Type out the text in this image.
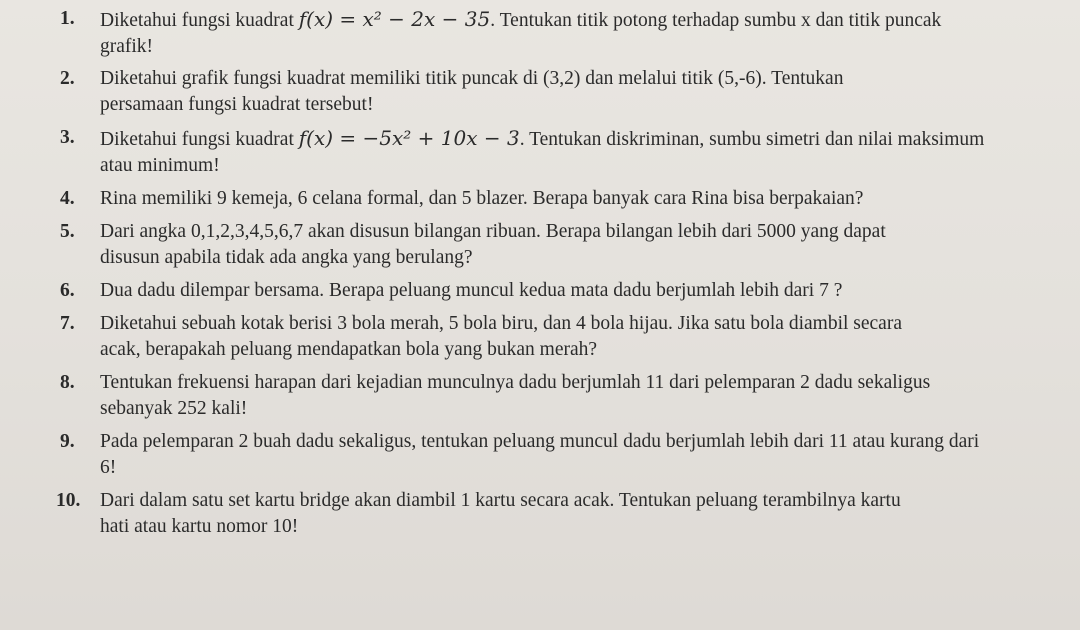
1.	Diketahui fungsi kuadrat f(x) = x² − 2x − 35. Tentukan titik potong terhadap sumbu x dan titik puncak grafik!
2.	Diketahui grafik fungsi kuadrat memiliki titik puncak di (3,2) dan melalui titik (5,-6). Tentukan persamaan fungsi kuadrat tersebut!
3.	Diketahui fungsi kuadrat f(x) = −5x² + 10x − 3. Tentukan diskriminan, sumbu simetri dan nilai maksimum atau minimum!
4.	Rina memiliki 9 kemeja, 6 celana formal, dan 5 blazer. Berapa banyak cara Rina bisa berpakaian?
5.	Dari angka 0,1,2,3,4,5,6,7 akan disusun bilangan ribuan. Berapa bilangan lebih dari 5000 yang dapat disusun apabila tidak ada angka yang berulang?
6.	Dua dadu dilempar bersama. Berapa peluang muncul kedua mata dadu berjumlah lebih dari 7 ?
7.	Diketahui sebuah kotak berisi 3 bola merah, 5 bola biru, dan 4 bola hijau. Jika satu bola diambil secara acak, berapakah peluang mendapatkan bola yang bukan merah?
8.	Tentukan frekuensi harapan dari kejadian munculnya dadu berjumlah 11 dari pelemparan 2 dadu sekaligus sebanyak 252 kali!
9.	Pada pelemparan 2 buah dadu sekaligus, tentukan peluang muncul dadu berjumlah lebih dari 11 atau kurang dari 6!
10.	Dari dalam satu set kartu bridge akan diambil 1 kartu secara acak. Tentukan peluang terambilnya kartu hati atau kartu nomor 10!
